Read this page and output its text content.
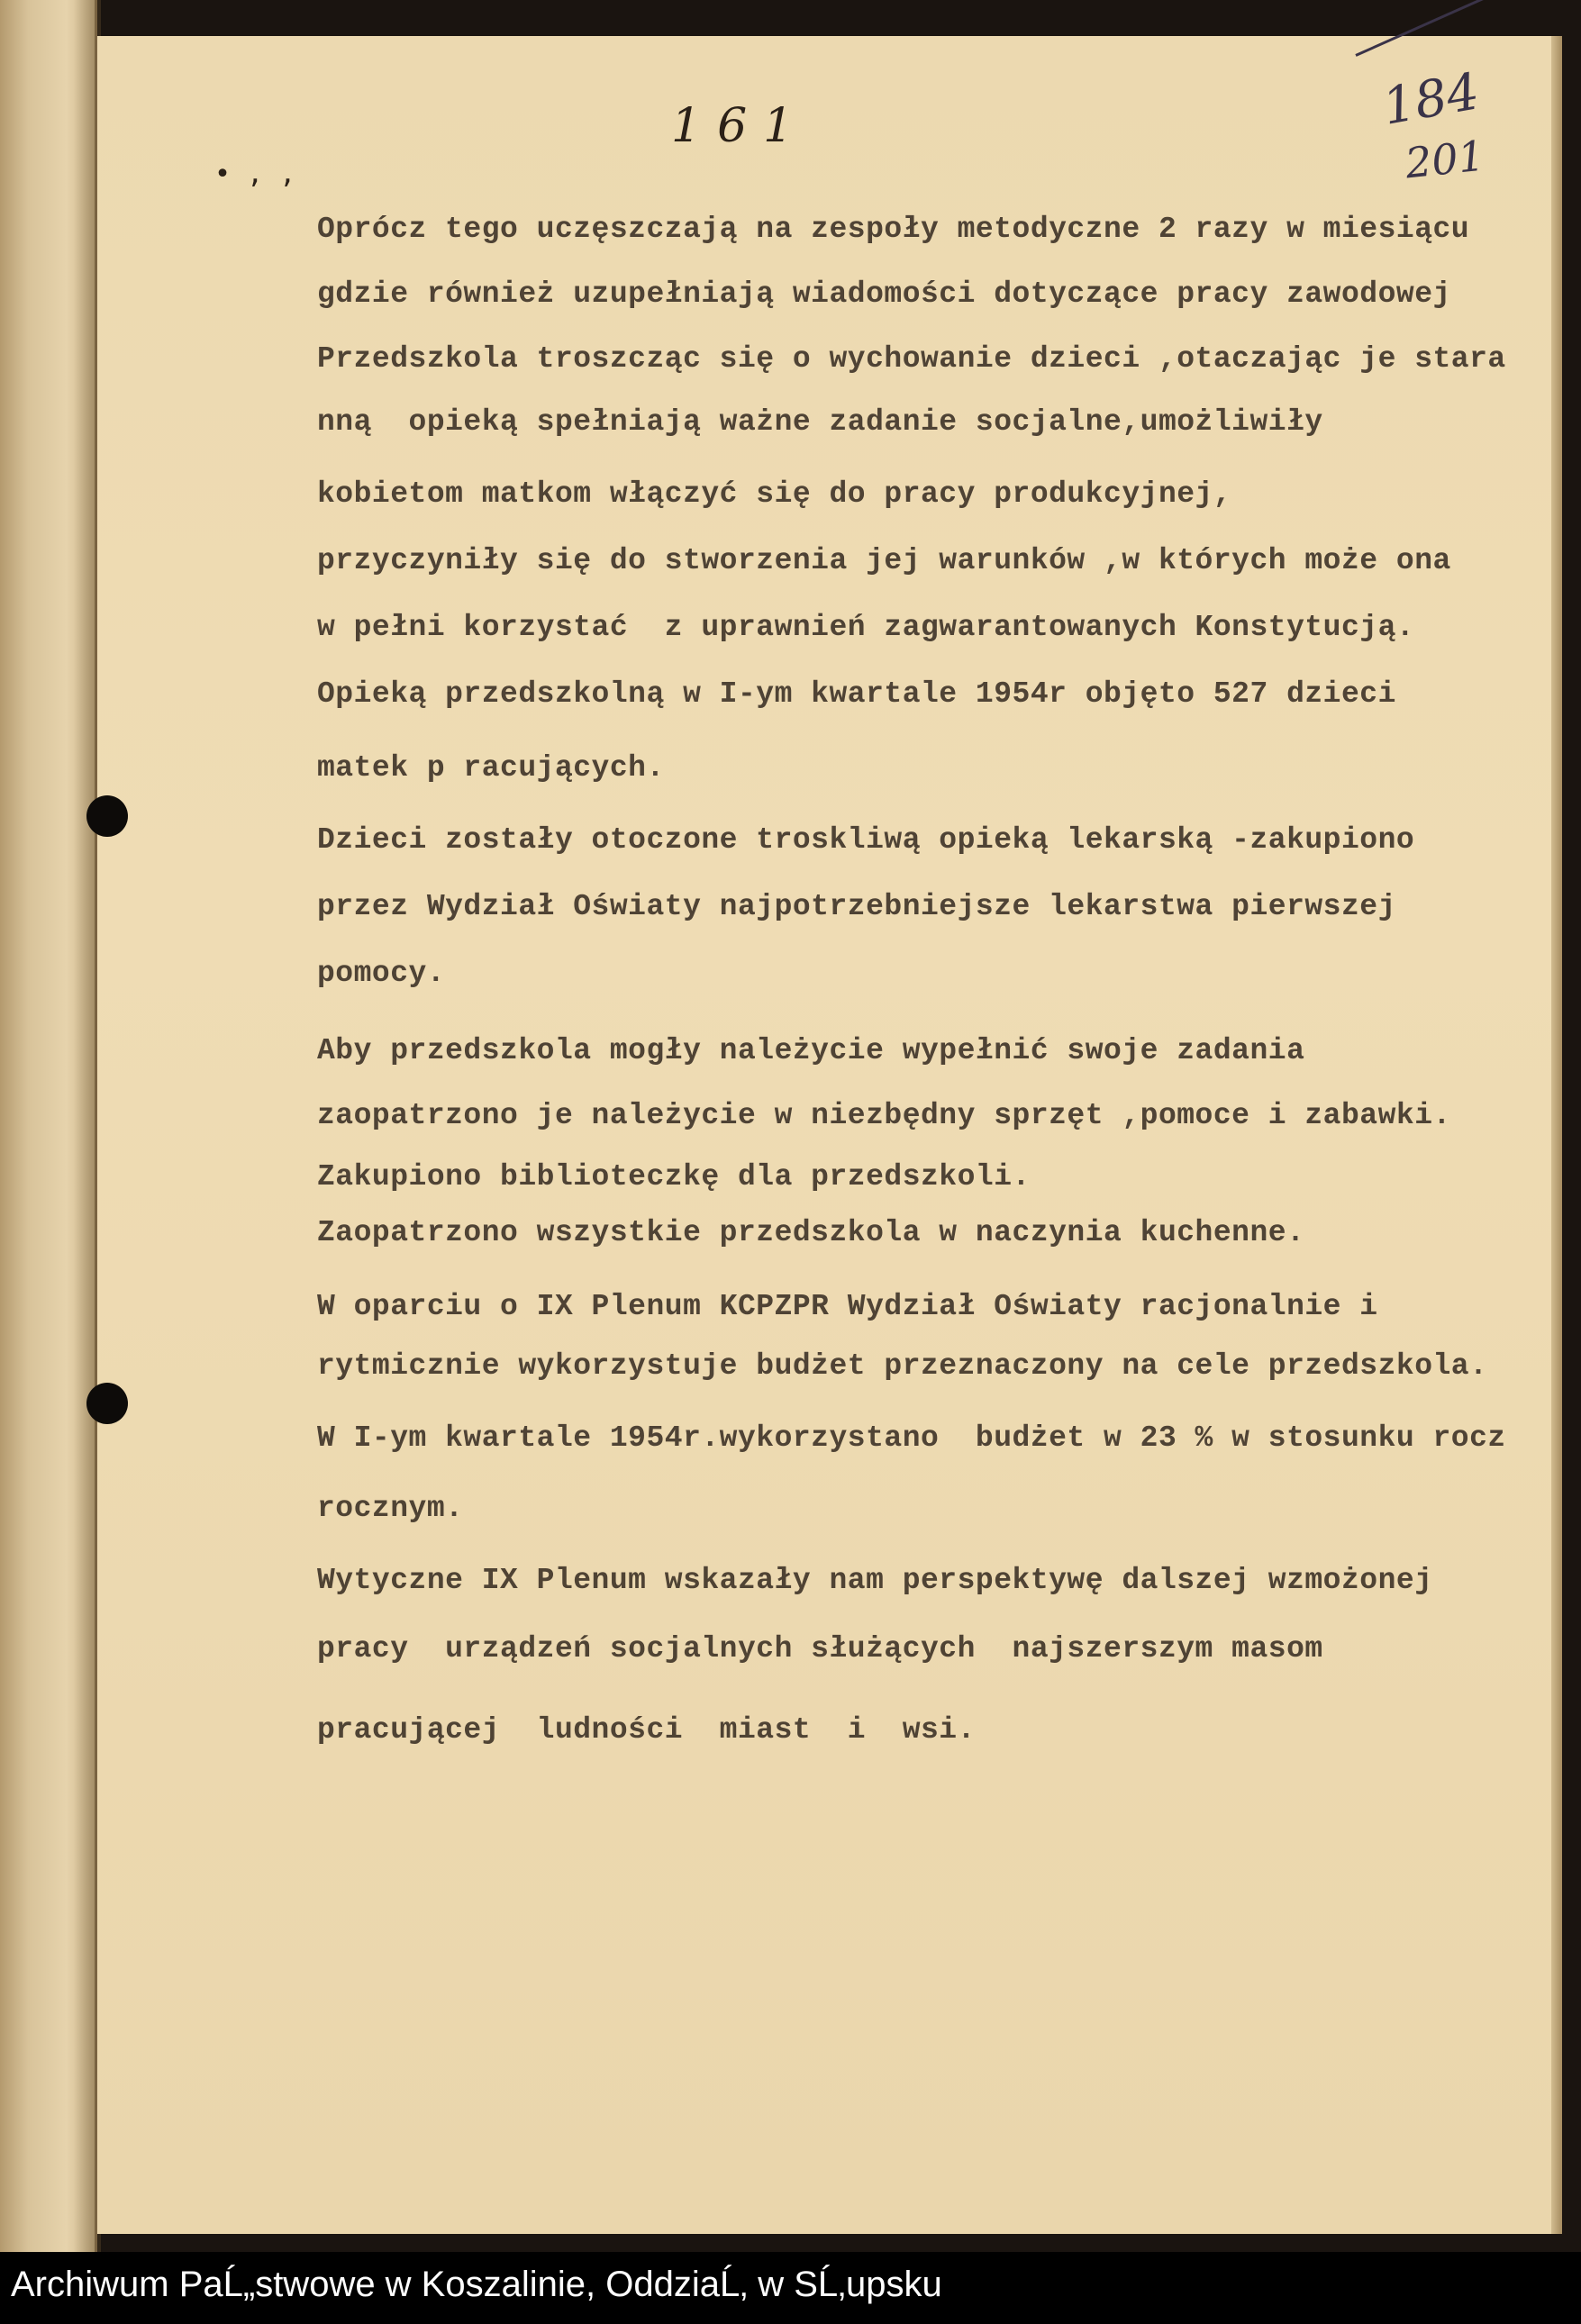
• , ,
161	184
201
Oprócz tego uczęszczają na zespoły metodyczne 2 razy w miesiącu
gdzie również uzupełniają wiadomości dotyczące pracy zawodowej
Przedszkola troszcząc się o wychowanie dzieci ,otaczając je stara
nną  opieką spełniają ważne zadanie socjalne,umożliwiły
kobietom matkom włączyć się do pracy produkcyjnej,
przyczyniły się do stworzenia jej warunków ,w których może ona
w pełni korzystać  z uprawnień zagwarantowanych Konstytucją.
Opieką przedszkolną w I-ym kwartale 1954r objęto 527 dzieci
matek p racujących.
Dzieci zostały otoczone troskliwą opieką lekarską -zakupiono
przez Wydział Oświaty najpotrzebniejsze lekarstwa pierwszej
pomocy.
Aby przedszkola mogły należycie wypełnić swoje zadania
zaopatrzono je należycie w niezbędny sprzęt ,pomoce i zabawki.
Zakupiono biblioteczkę dla przedszkoli.
Zaopatrzono wszystkie przedszkola w naczynia kuchenne.
W oparciu o IX Plenum KCPZPR Wydział Oświaty racjonalnie i
rytmicznie wykorzystuje budżet przeznaczony na cele przedszkola.
W I-ym kwartale 1954r.wykorzystano  budżet w 23 % w stosunku rocz
rocznym.
Wytyczne IX Plenum wskazały nam perspektywę dalszej wzmożonej
pracy  urządzeń socjalnych służących  najszerszym masom
pracującej  ludności  miast  i  wsi.
Archiwum PaĹ„stwowe w Koszalinie, OddziaĹ‚ w SĹ‚upsku
